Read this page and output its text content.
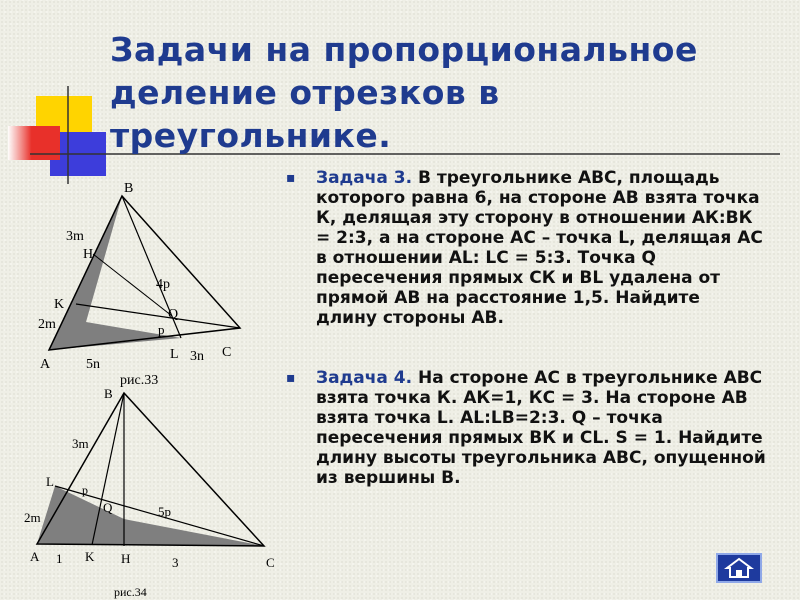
Задачи на пропорциональное
деление отрезков в
треугольнике.
B
H
3m
K
2m
A	5n
L 3n C
4p
Q
p
рис.33
B
3m
L
p
2m
Q	5p
A 1 K H	3	C
рис.34
▪ Задача 3. В треугольнике АВС, площадь которого равна 6, на стороне АВ взята точка К, делящая эту сторону в отношении АК:ВК = 2:3, а на стороне АС – точка L, делящая АС в отношении AL: LC = 5:3. Точка Q пересечения прямых СК и BL удалена от прямой АВ на расстояние 1,5. Найдите длину стороны АВ.
▪ Задача 4. На стороне АС в треугольнике АВС взята точка К. АК=1, КС = 3. На стороне АВ взята точка L. AL:LB=2:3. Q – точка пересечения прямых ВК и CL. S = 1. Найдите длину высоты треугольника АВС, опущенной из вершины В.
